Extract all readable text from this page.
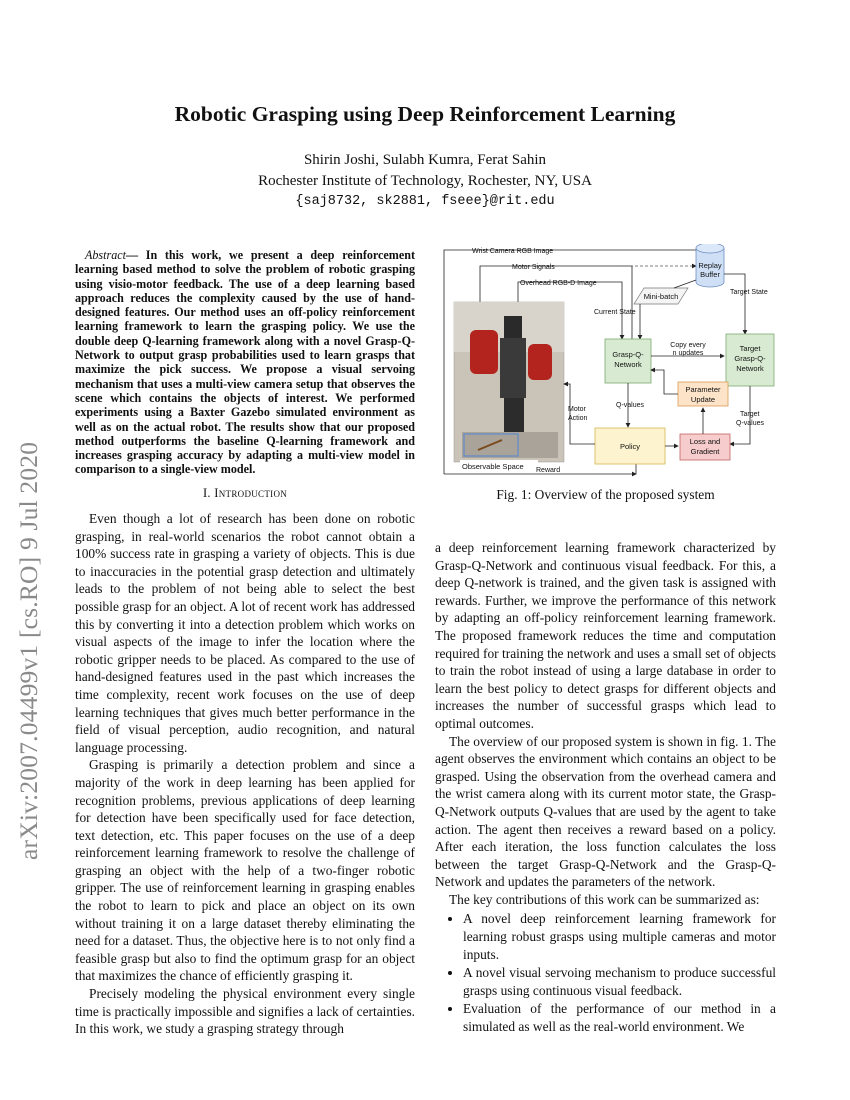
arXiv:2007.04499v1 [cs.RO] 9 Jul 2020
Robotic Grasping using Deep Reinforcement Learning
Shirin Joshi, Sulabh Kumra, Ferat Sahin
Rochester Institute of Technology, Rochester, NY, USA
{saj8732, sk2881, fseee}@rit.edu
Abstract— In this work, we present a deep reinforcement learning based method to solve the problem of robotic grasping using visio-motor feedback. The use of a deep learning based approach reduces the complexity caused by the use of hand-designed features. Our method uses an off-policy reinforcement learning framework to learn the grasping policy. We use the double deep Q-learning framework along with a novel Grasp-Q-Network to output grasp probabilities used to learn grasps that maximize the pick success. We propose a visual servoing mechanism that uses a multi-view camera setup that observes the scene which contains the objects of interest. We performed experiments using a Baxter Gazebo simulated environment as well as on the actual robot. The results show that our proposed method outperforms the baseline Q-learning framework and increases grasping accuracy by adapting a multi-view model in comparison to a single-view model.
I. Introduction

Even though a lot of research has been done on robotic grasping, in real-world scenarios the robot cannot obtain a 100% success rate in grasping a variety of objects. This is due to inaccuracies in the potential grasp detection and ultimately leads to the problem of not being able to select the best possible grasp for an object. A lot of recent work has addressed this by converting it into a detection problem which works on visual aspects of the image to infer the location where the robotic gripper needs to be placed. As compared to the use of hand-designed features used in the past which increases the time complexity, recent work focuses on the use of deep learning techniques that gives much better performance in the field of visual perception, audio recognition, and natural language processing.

Grasping is primarily a detection problem and since a majority of the work in deep learning has been applied for recognition problems, previous applications of deep learning for detection have been specifically used for face detection, text detection, etc. This paper focuses on the use of a deep reinforcement learning framework to resolve the challenge of grasping an object with the help of a two-finger robotic gripper. The use of reinforcement learning in grasping enables the robot to learn to pick and place an object on its own without training it on a large dataset thereby eliminating the need for a dataset. Thus, the objective here is to not only find a feasible grasp but also to find the optimum grasp for an object that maximizes the chance of efficiently grasping it.

Precisely modeling the physical environment every single time is practically impossible and signifies a lack of certainties. In this work, we study a grasping strategy through

Observable Space
Wrist Camera RGB Image
Motor Signals
Overhead RGB-D Image
Replay
Buffer
Mini-batch
Current State
Target State
Grasp-Q-
Network
Target
Grasp-Q-
Network
Copy every
n updates
Parameter
Update
Q-values
Target
Q-values
Policy
Loss and
Gradient
Motor
Action
Reward
Fig. 1: Overview of the proposed system

a deep reinforcement learning framework characterized by Grasp-Q-Network and continuous visual feedback. For this, a deep Q-network is trained, and the given task is assigned with rewards. Further, we improve the performance of this network by adapting an off-policy reinforcement learning framework. The proposed framework reduces the time and computation required for training the network and uses a small set of objects to train the robot instead of using a large database in order to learn the best policy to detect grasps for different objects and increases the number of successful grasps which lead to optimal outcomes.

The overview of our proposed system is shown in fig. 1. The agent observes the environment which contains an object to be grasped. Using the observation from the overhead camera and the wrist camera along with its current motor state, the Grasp-Q-Network outputs Q-values that are used by the agent to take action. The agent then receives a reward based on a policy. After each iteration, the loss function calculates the loss between the target Grasp-Q-Network and the Grasp-Q-Network and updates the parameters of the network.

The key contributions of this work can be summarized as:

• A novel deep reinforcement learning framework for learning robust grasps using multiple cameras and motor inputs.
• A novel visual servoing mechanism to produce successful grasps using continuous visual feedback.
• Evaluation of the performance of our method in a simulated as well as the real-world environment. We
